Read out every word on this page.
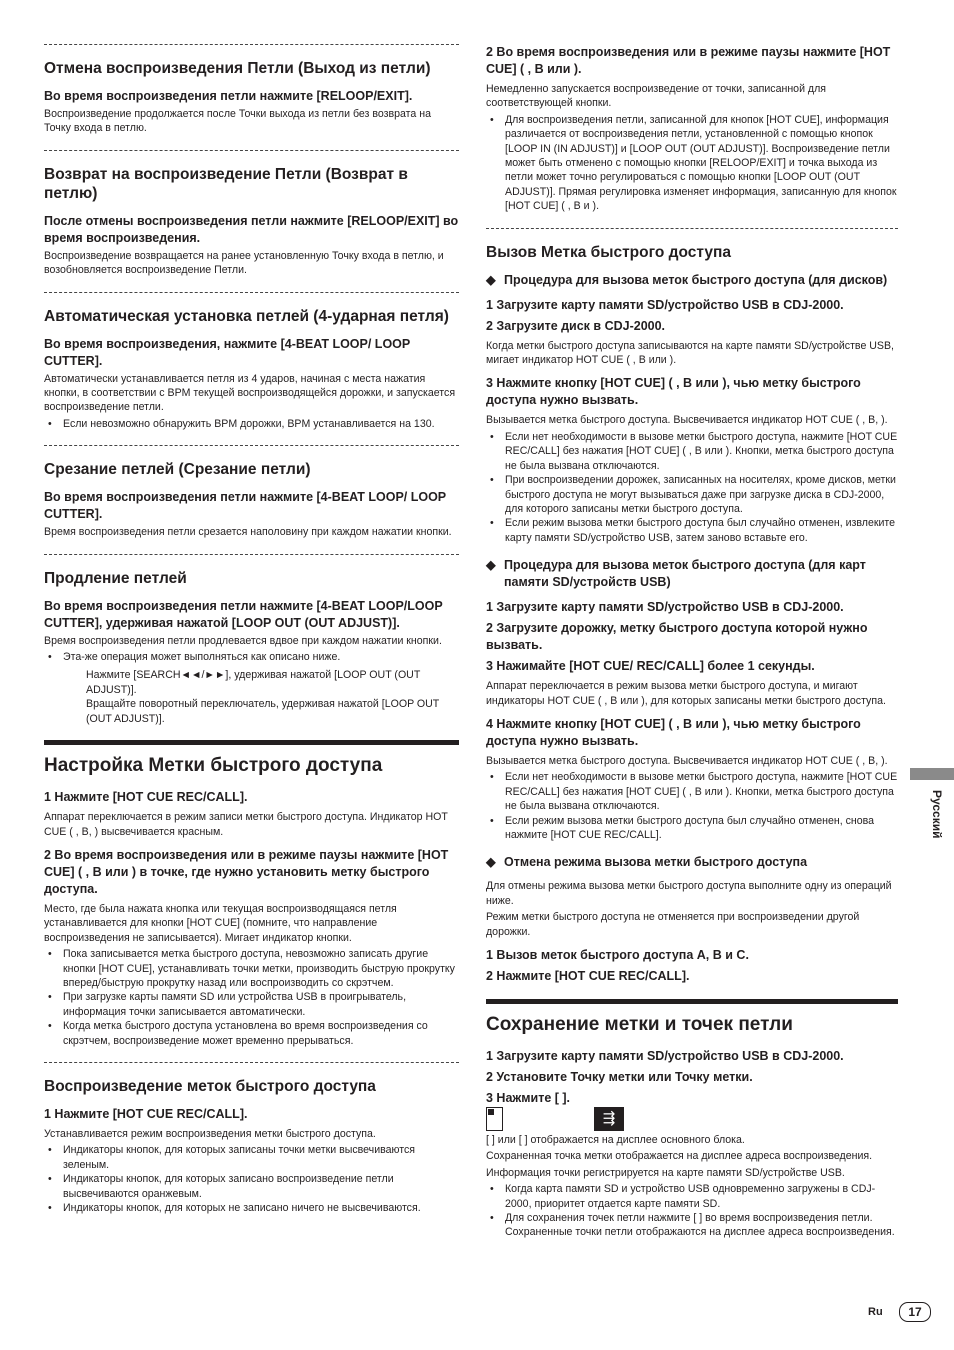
Отмена воспроизведения Петли (Выход из петли)
Во время воспроизведения петли нажмите [RELOOP/EXIT].
Воспроизведение продолжается после Точки выхода из петли без возврата на Точку входа в петлю.
Возврат на воспроизведение Петли (Возврат в петлю)
После отмены воспроизведения петли нажмите [RELOOP/EXIT] во время воспроизведения.
Воспроизведение возвращается на ранее установленную Точку входа в петлю, и возобновляется воспроизведение Петли.
Автоматическая установка петлей (4-ударная петля)
Во время воспроизведения, нажмите [4-BEAT LOOP/ LOOP CUTTER].
Автоматически устанавливается петля из 4 ударов, начиная с места нажатия кнопки, в соответствии с BPM текущей воспроизводящейся дорожки, и запускается воспроизведение петли.
• Если невозможно обнаружить BPM дорожки, BPM устанавливается на 130.
Срезание петлей (Срезание петли)
Во время воспроизведения петли нажмите [4-BEAT LOOP/ LOOP CUTTER].
Время воспроизведения петли срезается наполовину при каждом нажатии кнопки.
Продление петлей
Во время воспроизведения петли нажмите [4-BEAT LOOP/LOOP CUTTER], удерживая нажатой [LOOP OUT (OUT ADJUST)].
Время воспроизведения петли продлевается вдвое при каждом нажатии кнопки.
• Эта-же операция может выполняться как описано ниже.
Нажмите [SEARCH◄◄/►►], удерживая нажатой [LOOP OUT (OUT ADJUST)].
Вращайте поворотный переключатель, удерживая нажатой [LOOP OUT (OUT ADJUST)].
Настройка Метки быстрого доступа
1 Нажмите [HOT CUE REC/CALL].
Аппарат переключается в режим записи метки быстрого доступа. Индикатор HOT CUE ( , B, ) высвечивается красным.
2 Во время воспроизведения или в режиме паузы нажмите [HOT CUE] ( , B или ) в точке, где нужно установить метку быстрого доступа.
Место, где была нажата кнопка или текущая воспроизводящаяся петля устанавливается для кнопки [HOT CUE] (помните, что направление воспроизведения не записывается). Мигает индикатор кнопки.
• Пока записывается метка быстрого доступа, невозможно записать другие кнопки [HOT CUE], устанавливать точки метки, производить быструю прокрутку вперед/быструю прокрутку назад или воспроизводить со скрэтчем.
• При загрузке карты памяти SD или устройства USB в проигрыватель, информация точки записывается автоматически.
• Когда метка быстрого доступа установлена во время воспроизведения со скрэтчем, воспроизведение может временно прерываться.
Воспроизведение меток быстрого доступа
1 Нажмите [HOT CUE REC/CALL].
Устанавливается режим воспроизведения метки быстрого доступа.
• Индикаторы кнопок, для которых записаны точки метки высвечиваются зеленым.
• Индикаторы кнопок, для которых записано воспроизведение петли высвечиваются оранжевым.
• Индикаторы кнопок, для которых не записано ничего не высвечиваются.
2 Во время воспроизведения или в режиме паузы нажмите [HOT CUE] ( , B или ).
Немедленно запускается воспроизведение от точки, записанной для соответствующей кнопки.
• Для воспроизведения петли, записанной для кнопок [HOT CUE], информация различается от воспроизведения петли, установленной с помощью кнопок [LOOP IN (IN ADJUST)] и [LOOP OUT (OUT ADJUST)]. Воспроизведение петли может быть отменено с помощью кнопки [RELOOP/EXIT] и точка выхода из петли может точно регулироваться с помощью кнопки [LOOP OUT (OUT ADJUST)]. Прямая регулировка изменяет информация, записанную для кнопок [HOT CUE] ( , B и ).
Вызов Метка быстрого доступа
◆ Процедура для вызова меток быстрого доступа (для дисков)
1 Загрузите карту памяти SD/устройство USB в CDJ-2000.
2 Загрузите диск в CDJ-2000.
Когда метки быстрого доступа записываются на карте памяти SD/устройстве USB, мигает индикатор HOT CUE ( , B или ).
3 Нажмите кнопку [HOT CUE] ( , B или ), чью метку быстрого доступа нужно вызвать.
Вызывается метка быстрого доступа. Высвечивается индикатор HOT CUE ( , B, ).
• Если нет необходимости в вызове метки быстрого доступа, нажмите [HOT CUE REC/CALL] без нажатия [HOT CUE] ( , B или ). Кнопки, метка быстрого доступа не была вызвана отключаются.
• При воспроизведении дорожек, записанных на носителях, кроме дисков, метки быстрого доступа не могут вызываться даже при загрузке диска в CDJ-2000, для которого записаны метки быстрого доступа.
• Если режим вызова метки быстрого доступа был случайно отменен, извлеките карту памяти SD/устройство USB, затем заново вставьте его.
◆ Процедура для вызова меток быстрого доступа (для карт памяти SD/устройств USB)
1 Загрузите карту памяти SD/устройство USB в CDJ-2000.
2 Загрузите дорожку, метку быстрого доступа которой нужно вызвать.
3 Нажимайте [HOT CUE/ REC/CALL] более 1 секунды.
Аппарат переключается в режим вызова метки быстрого доступа, и мигают индикаторы HOT CUE ( , B или ), для которых записаны метки быстрого доступа.
4 Нажмите кнопку [HOT CUE] ( , B или ), чью метку быстрого доступа нужно вызвать.
Вызывается метка быстрого доступа. Высвечивается индикатор HOT CUE ( , B, ).
• Если нет необходимости в вызове метки быстрого доступа, нажмите [HOT CUE REC/CALL] без нажатия [HOT CUE] ( , B или ). Кнопки, метка быстрого доступа не была вызвана отключаются.
• Если режим вызова метки быстрого доступа был случайно отменен, снова нажмите [HOT CUE REC/CALL].
◆ Отмена режима вызова метки быстрого доступа
Для отмены режима вызова метки быстрого доступа выполните одну из операций ниже.
Режим метки быстрого доступа не отменяется при воспроизведении другой дорожки.
1 Вызов меток быстрого доступа A, B и C.
2 Нажмите [HOT CUE REC/CALL].
Сохранение метки и точек петли
1 Загрузите карту памяти SD/устройство USB в CDJ-2000.
2 Установите Точку метки или Точку метки.
3 Нажмите [ ].
⇶
[ ] или [ ] отображается на дисплее основного блока.
Сохраненная точка метки отображается на дисплее адреса воспроизведения.
Информация точки регистрируется на карте памяти SD/устройстве USB.
• Когда карта памяти SD и устройство USB одновременно загружены в CDJ-2000, приоритет отдается карте памяти SD.
• Для сохранения точек петли нажмите [ ] во время воспроизведения петли. Сохраненные точки петли отображаются на дисплее адреса воспроизведения.
Русский
Ru	17
